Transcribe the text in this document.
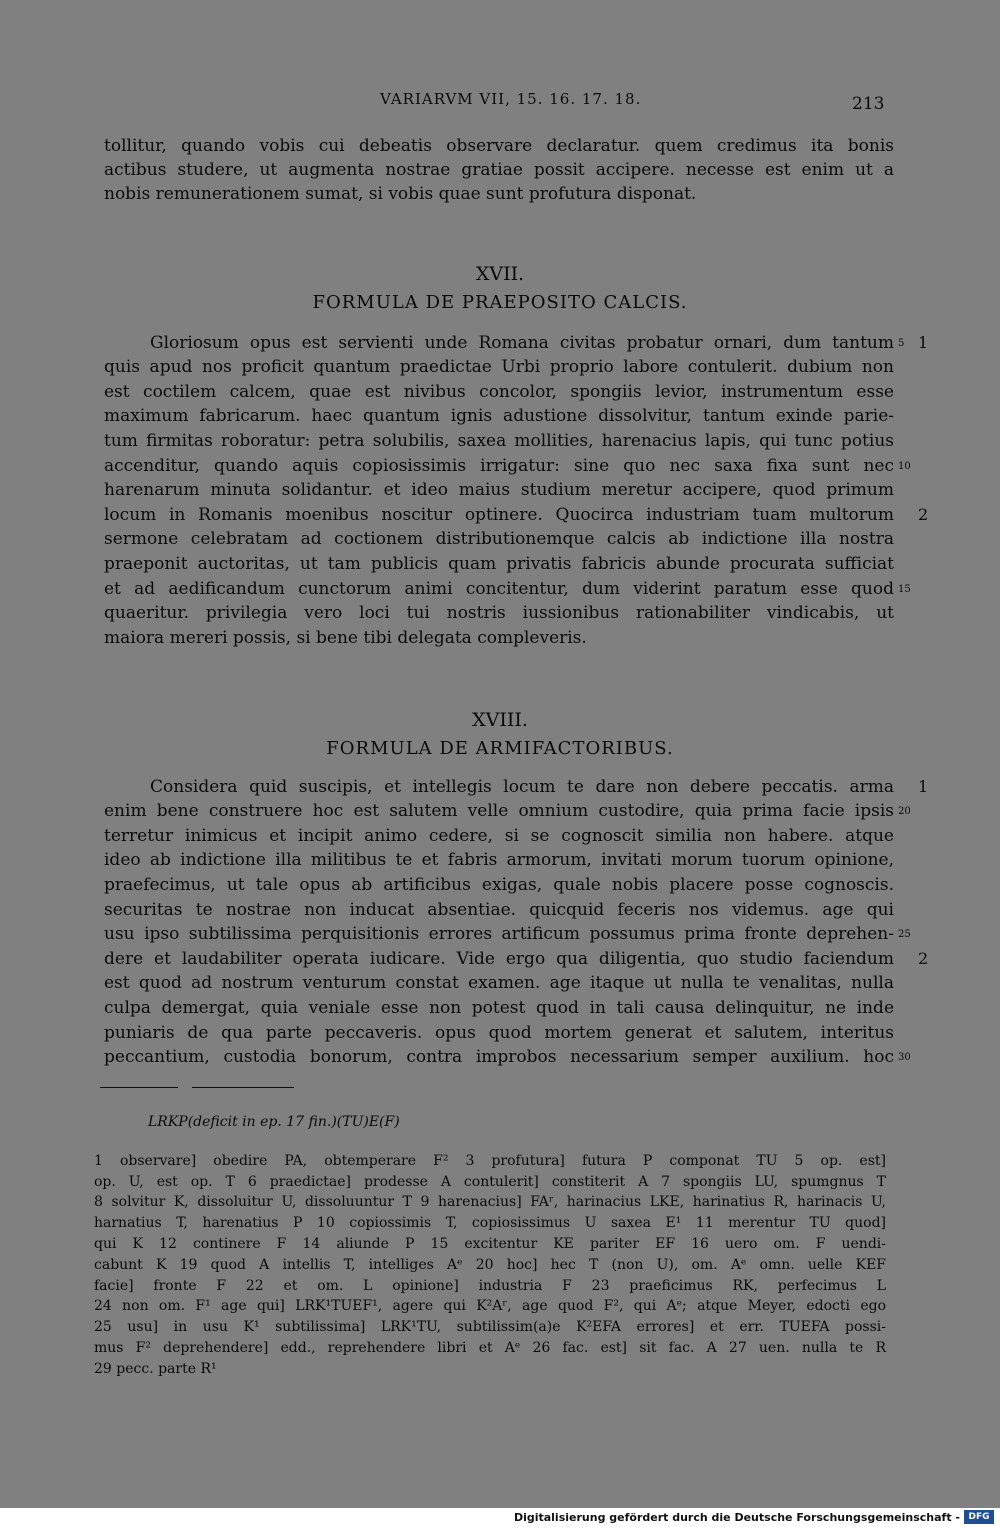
VARIARVM VII, 15. 16. 17. 18.	213
tollitur, quando vobis cui debeatis observare declaratur. quem credimus ita bonis
actibus studere, ut augmenta nostrae gratiae possit accipere. necesse est enim ut a
nobis remunerationem sumat, si vobis quae sunt profutura disponat.
XVII.
FORMULA DE PRAEPOSITO CALCIS.
Gloriosum opus est servienti unde Romana civitas probatur ornari, dum tantum
quis apud nos proficit quantum praedictae Urbi proprio labore contulerit. dubium non
est coctilem calcem, quae est nivibus concolor, spongiis levior, instrumentum esse
maximum fabricarum. haec quantum ignis adustione dissolvitur, tantum exinde parie-
tum firmitas roboratur: petra solubilis, saxea mollities, harenacius lapis, qui tunc potius
accenditur, quando aquis copiosissimis irrigatur: sine quo nec saxa fixa sunt nec
harenarum minuta solidantur. et ideo maius studium meretur accipere, quod primum
locum in Romanis moenibus noscitur optinere. Quocirca industriam tuam multorum
sermone celebratam ad coctionem distributionemque calcis ab indictione illa nostra
praeponit auctoritas, ut tam publicis quam privatis fabricis abunde procurata sufficiat
et ad aedificandum cunctorum animi concitentur, dum viderint paratum esse quod
quaeritur. privilegia vero loci tui nostris iussionibus rationabiliter vindicabis, ut
maiora mereri possis, si bene tibi delegata compleveris.
XVIII.
FORMULA DE ARMIFACTORIBUS.
Considera quid suscipis, et intellegis locum te dare non debere peccatis. arma
enim bene construere hoc est salutem velle omnium custodire, quia prima facie ipsis
terretur inimicus et incipit animo cedere, si se cognoscit similia non habere. atque
ideo ab indictione illa militibus te et fabris armorum, invitati morum tuorum opinione,
praefecimus, ut tale opus ab artificibus exigas, quale nobis placere posse cognoscis.
securitas te nostrae non inducat absentiae. quicquid feceris nos videmus. age qui
usu ipso subtilissima perquisitionis errores artificum possumus prima fronte deprehen-
dere et laudabiliter operata iudicare. Vide ergo qua diligentia, quo studio faciendum
est quod ad nostrum venturum constat examen. age itaque ut nulla te venalitas, nulla
culpa demergat, quia veniale esse non potest quod in tali causa delinquitur, ne inde
puniaris de qua parte peccaveris. opus quod mortem generat et salutem, interitus
peccantium, custodia bonorum, contra improbos necessarium semper auxilium. hoc
5 1
10
2
15
1
20
25
2
30
LRKP(deficit in ep. 17 fin.)(TU)E(F)
1 observare] obedire PA, obtemperare F² 3 profutura] futura P componat TU 5 op. est]
op. U, est op. T 6 praedictae] prodesse A contulerit] constiterit A 7 spongiis LU, spumgnus T
8 solvitur K, dissoluitur U, dissoluuntur T 9 harenacius] FAʳ, harinacius LKE, harinatius R, harinacis U,
harnatius T, harenatius P 10 copiossimis T, copiosissimus U saxea E¹ 11 merentur TU quod]
qui K 12 continere F 14 aliunde P 15 excitentur KE pariter EF 16 uero om. F uendi-
cabunt K 19 quod A intellis T, intelliges Aᵉ 20 hoc] hec T (non U), om. Aᵉ omn. uelle KEF
facie] fronte F 22 et om. L opinione] industria F 23 praeficimus RK, perfecimus L
24 non om. F¹ age qui] LRK¹TUEF¹, agere qui K²Aʳ, age quod F², qui Aᵉ; atque Meyer, edocti ego
25 usu] in usu K¹ subtilissima] LRK¹TU, subtilissim(a)e K²EFA errores] et err. TUEFA possi-
mus F² deprehendere] edd., reprehendere libri et Aᵉ 26 fac. est] sit fac. A 27 uen. nulla te R
29 pecc. parte R¹
Digitalisierung gefördert durch die Deutsche Forschungsgemeinschaft - DFG
